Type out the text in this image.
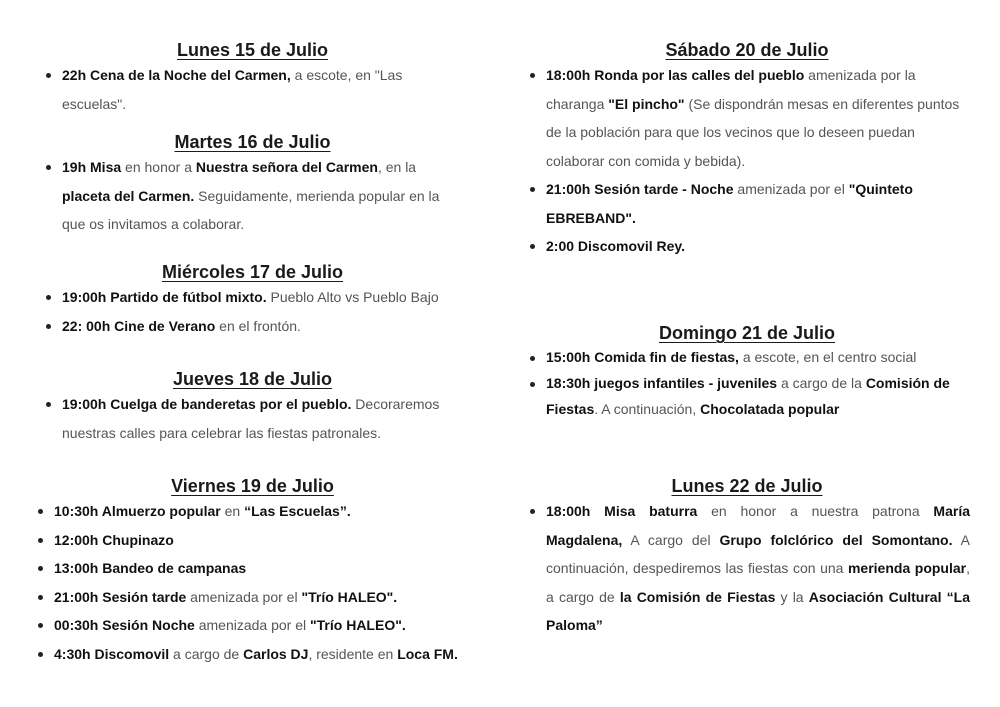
Lunes 15 de Julio
22h Cena de la Noche del Carmen, a escote, en "Las escuelas".
Martes 16 de Julio
19h Misa en honor a Nuestra señora del Carmen, en la placeta del Carmen. Seguidamente, merienda popular en la que os invitamos a colaborar.
Miércoles 17 de Julio
19:00h Partido de fútbol mixto. Pueblo Alto vs Pueblo Bajo
22: 00h Cine de Verano en el frontón.
Jueves 18 de Julio
19:00h Cuelga de banderetas por el pueblo. Decoraremos nuestras calles para celebrar las fiestas patronales.
Viernes 19 de Julio
10:30h Almuerzo popular en “Las Escuelas”.
12:00h Chupinazo
13:00h Bandeo de campanas
21:00h Sesión tarde amenizada por el "Trío HALEO".
00:30h Sesión Noche amenizada por el "Trío HALEO".
4:30h Discomovil a cargo de Carlos DJ, residente en Loca FM.
Sábado 20 de Julio
18:00h Ronda por las calles del pueblo amenizada por la charanga "El pincho" (Se dispondrán mesas en diferentes puntos de la población para que los vecinos que lo deseen puedan colaborar con comida y bebida).
21:00h Sesión tarde - Noche amenizada por el "Quinteto EBREBAND".
2:00 Discomovil Rey.
Domingo 21 de Julio
15:00h Comida fin de fiestas, a escote, en el centro social
18:30h juegos infantiles - juveniles a cargo de la Comisión de Fiestas. A continuación, Chocolatada popular
Lunes 22 de Julio
18:00h Misa baturra en honor a nuestra patrona María Magdalena, A cargo del Grupo folclórico del Somontano. A continuación, despediremos las fiestas con una merienda popular, a cargo de la Comisión de Fiestas y la Asociación Cultural “La Paloma”
